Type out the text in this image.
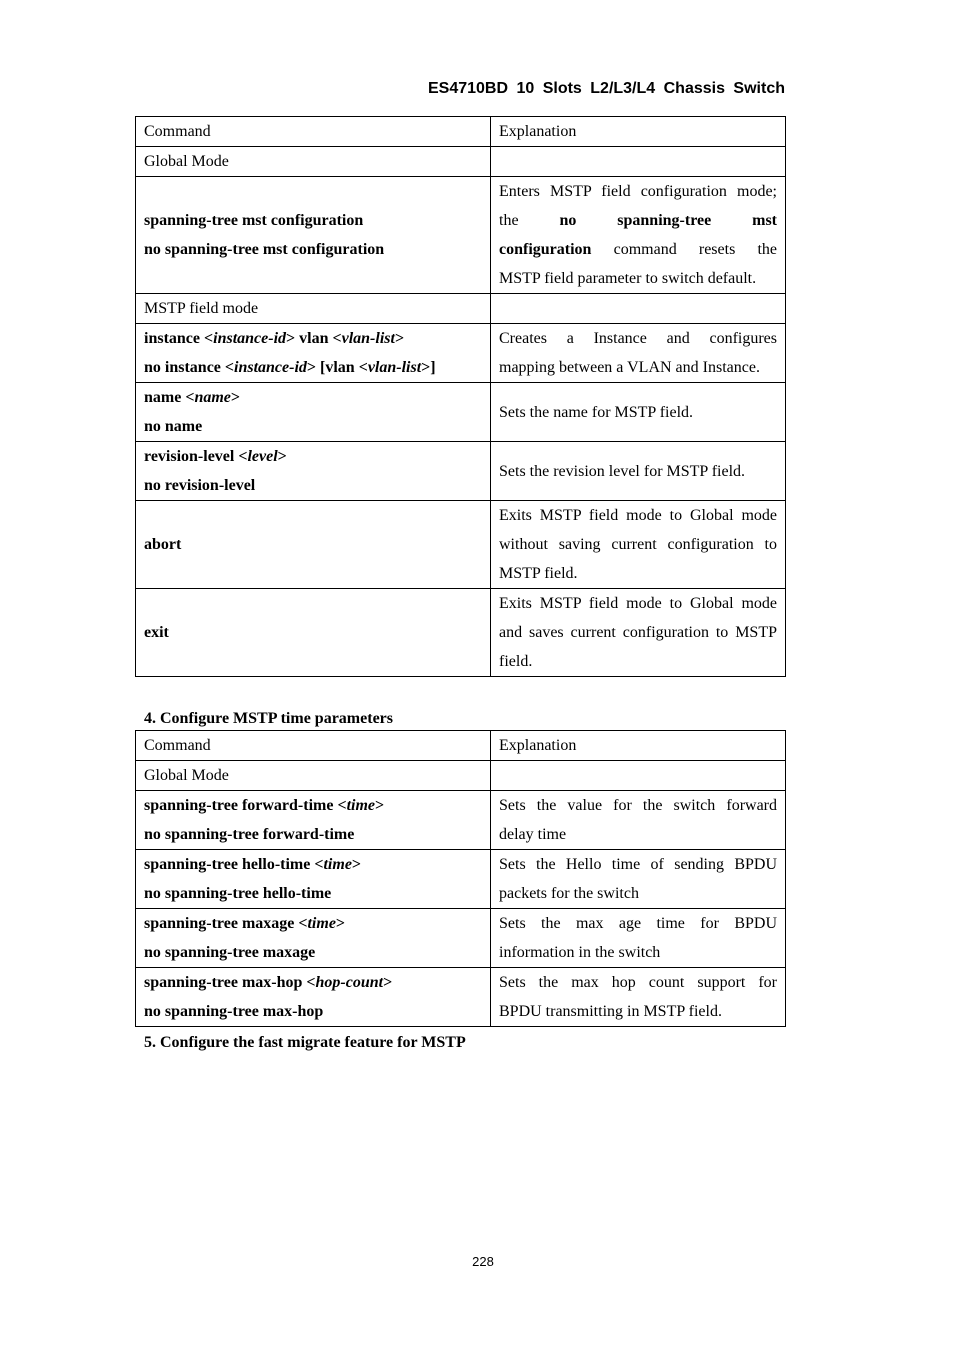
ES4710BD 10 Slots L2/L3/L4 Chassis Switch
Command	Explanation
Global Mode	

spanning-tree mst configuration
no spanning-tree mst configuration	Enters MSTP field configuration mode;
the no spanning-tree mst
configuration command resets the
MSTP field parameter to switch default.

MSTP field mode	

instance <instance-id> vlan <vlan-list>
no instance <instance-id> [vlan <vlan-list>]	Creates a Instance and configures
mapping between a VLAN and Instance.

name <name>
no name	Sets the name for MSTP field.

revision-level <level>
no revision-level	Sets the revision level for MSTP field.
abort	Exits MSTP field mode to Global mode
without saving current configuration to
MSTP field.

exit	Exits MSTP field mode to Global mode
and saves current configuration to MSTP
field.
4. Configure MSTP time parameters
Command	Explanation
Global Mode	

spanning-tree forward-time <time>
no spanning-tree forward-time	Sets the value for the switch forward
delay time

spanning-tree hello-time <time>
no spanning-tree hello-time	Sets the Hello time of sending BPDU
packets for the switch

spanning-tree maxage <time>
no spanning-tree maxage	Sets the max age time for BPDU
information in the switch

spanning-tree max-hop <hop-count>
no spanning-tree max-hop	Sets the max hop count support for
BPDU transmitting in MSTP field.
5. Configure the fast migrate feature for MSTP
228
